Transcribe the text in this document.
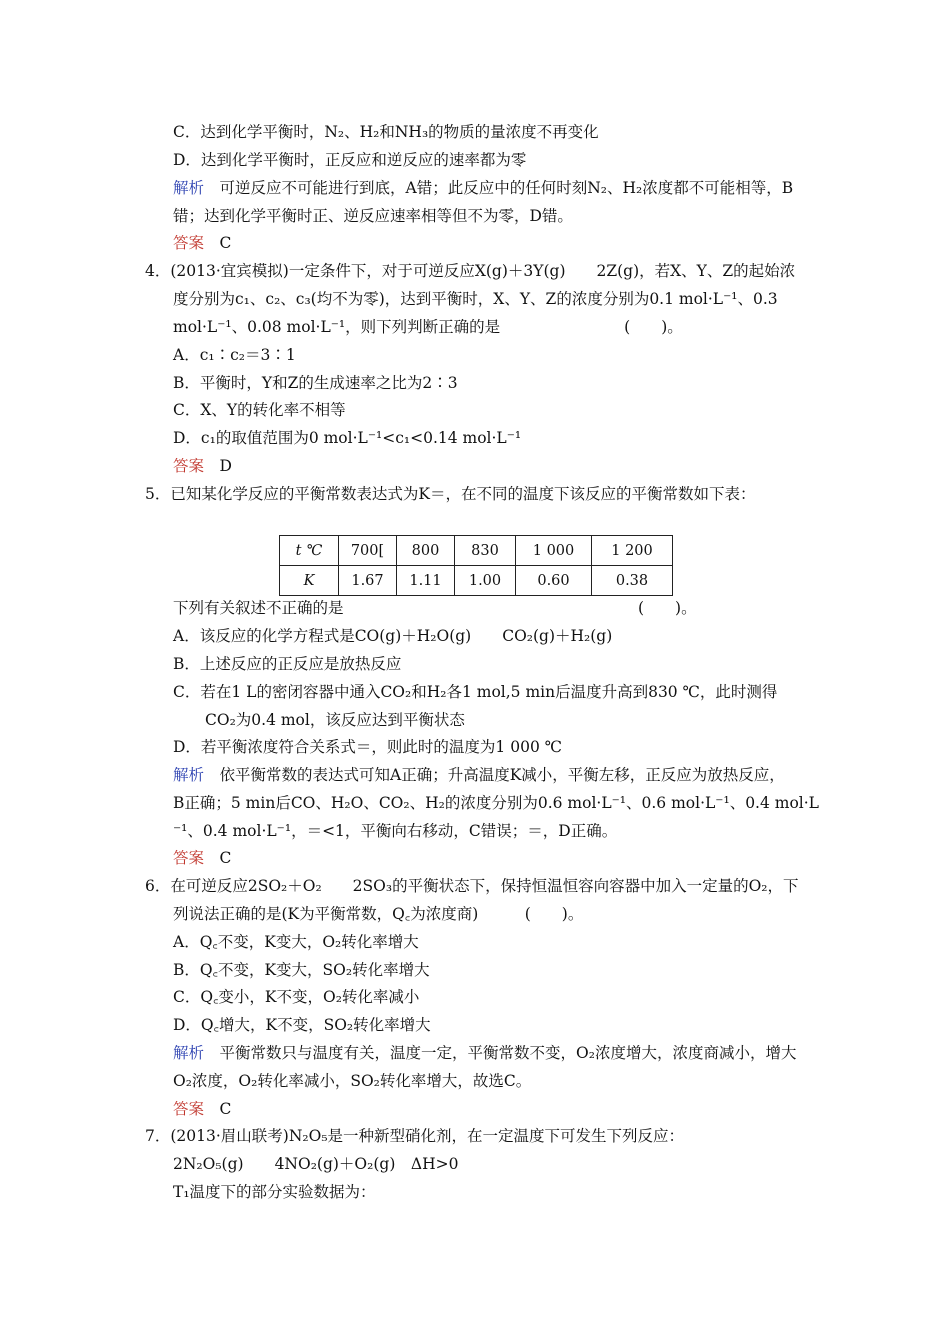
C．达到化学平衡时，N₂、H₂和NH₃的物质的量浓度不再变化
D．达到化学平衡时，正反应和逆反应的速率都为零
解析　可逆反应不可能进行到底，A错；此反应中的任何时刻N₂、H₂浓度都不可能相等，B
错；达到化学平衡时正、逆反应速率相等但不为零，D错。
答案　C
4．(2013·宜宾模拟)一定条件下，对于可逆反应X(g)＋3Y(g)　　2Z(g)，若X、Y、Z的起始浓
度分别为c₁、c₂、c₃(均不为零)，达到平衡时，X、Y、Z的浓度分别为0.1 mol·L⁻¹、0.3
mol·L⁻¹、0.08 mol·L⁻¹，则下列判断正确的是　　　　　　　　(　　)。
A．c₁∶c₂＝3∶1
B．平衡时，Y和Z的生成速率之比为2∶3
C．X、Y的转化率不相等
D．c₁的取值范围为0 mol·L⁻¹<c₁<0.14 mol·L⁻¹
答案　D
5．已知某化学反应的平衡常数表达式为K＝，在不同的温度下该反应的平衡常数如下表：
下列有关叙述不正确的是　　　　　　　　　　　　　　　　　　　(　　)。
A．该反应的化学方程式是CO(g)＋H₂O(g)　　CO₂(g)＋H₂(g)
B．上述反应的正反应是放热反应
C．若在1 L的密闭容器中通入CO₂和H₂各1 mol,5 min后温度升高到830 ℃，此时测得
CO₂为0.4 mol，该反应达到平衡状态
D．若平衡浓度符合关系式＝，则此时的温度为1 000 ℃
解析　依平衡常数的表达式可知A正确；升高温度K减小，平衡左移，正反应为放热反应，
B正确；5 min后CO、H₂O、CO₂、H₂的浓度分别为0.6 mol·L⁻¹、0.6 mol·L⁻¹、0.4 mol·L
⁻¹、0.4 mol·L⁻¹，＝<1，平衡向右移动，C错误；＝，D正确。
答案　C
6．在可逆反应2SO₂＋O₂　　2SO₃的平衡状态下，保持恒温恒容向容器中加入一定量的O₂，下
列说法正确的是(K为平衡常数，Q꜀为浓度商)　　　(　　)。
A．Q꜀不变，K变大，O₂转化率增大
B．Q꜀不变，K变大，SO₂转化率增大
C．Q꜀变小，K不变，O₂转化率减小
D．Q꜀增大，K不变，SO₂转化率增大
解析　平衡常数只与温度有关，温度一定，平衡常数不变，O₂浓度增大，浓度商减小，增大
O₂浓度，O₂转化率减小，SO₂转化率增大，故选C。
答案　C
7．(2013·眉山联考)N₂O₅是一种新型硝化剂，在一定温度下可发生下列反应：
2N₂O₅(g)　　4NO₂(g)＋O₂(g)　ΔH>0
T₁温度下的部分实验数据为：
t ℃	700[	800	830	1 000	1 200
K	1.67	1.11	1.00	0.60	0.38
